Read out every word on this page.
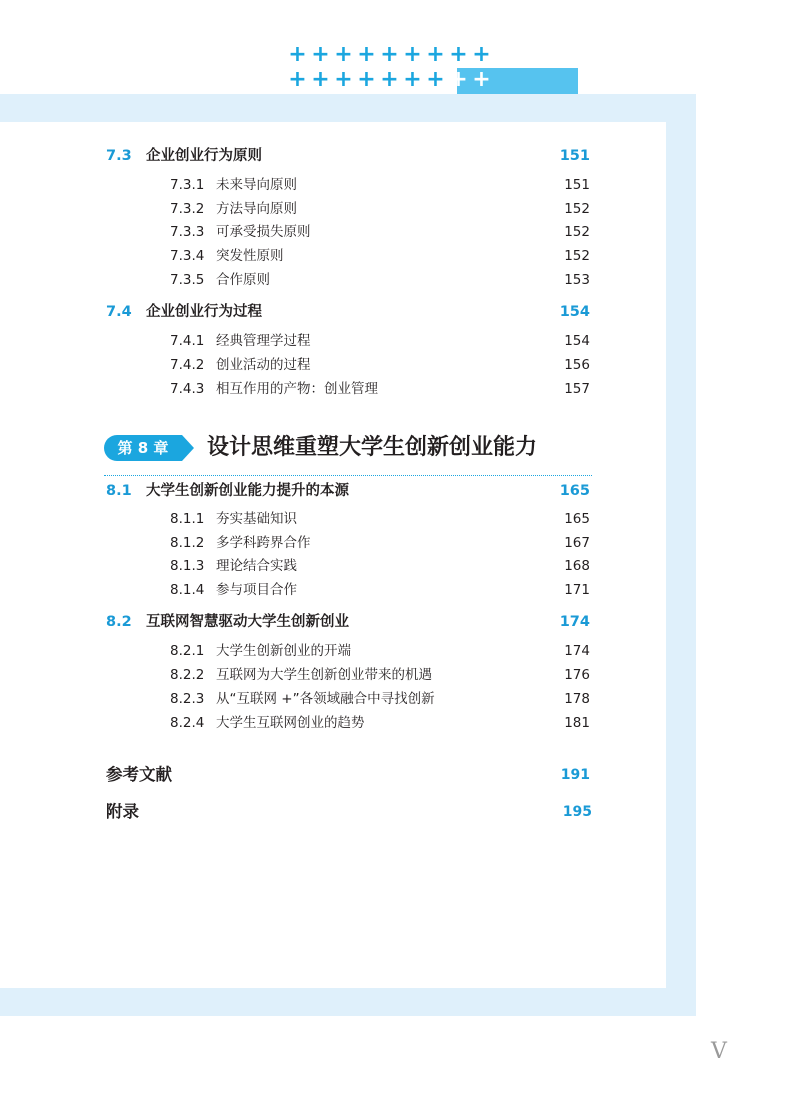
+ + + + + + + + +
+ + + + + + + + +
7.3 企业创业行为原则	151
7.3.1 未来导向原则	151
7.3.2 方法导向原则	152
7.3.3 可承受损失原则	152
7.3.4 突发性原则	152
7.3.5 合作原则	153
7.4 企业创业行为过程	154
7.4.1 经典管理学过程	154
7.4.2 创业活动的过程	156
7.4.3 相互作用的产物：创业管理	157
第 8 章	设计思维重塑大学生创新创业能力
8.1 大学生创新创业能力提升的本源	165
8.1.1 夯实基础知识	165
8.1.2 多学科跨界合作	167
8.1.3 理论结合实践	168
8.1.4 参与项目合作	171
8.2 互联网智慧驱动大学生创新创业	174
8.2.1 大学生创新创业的开端	174
8.2.2 互联网为大学生创新创业带来的机遇	176
8.2.3 从“互联网 +”各领域融合中寻找创新	178
8.2.4 大学生互联网创业的趋势	181
参考文献	191
附录	195
V
